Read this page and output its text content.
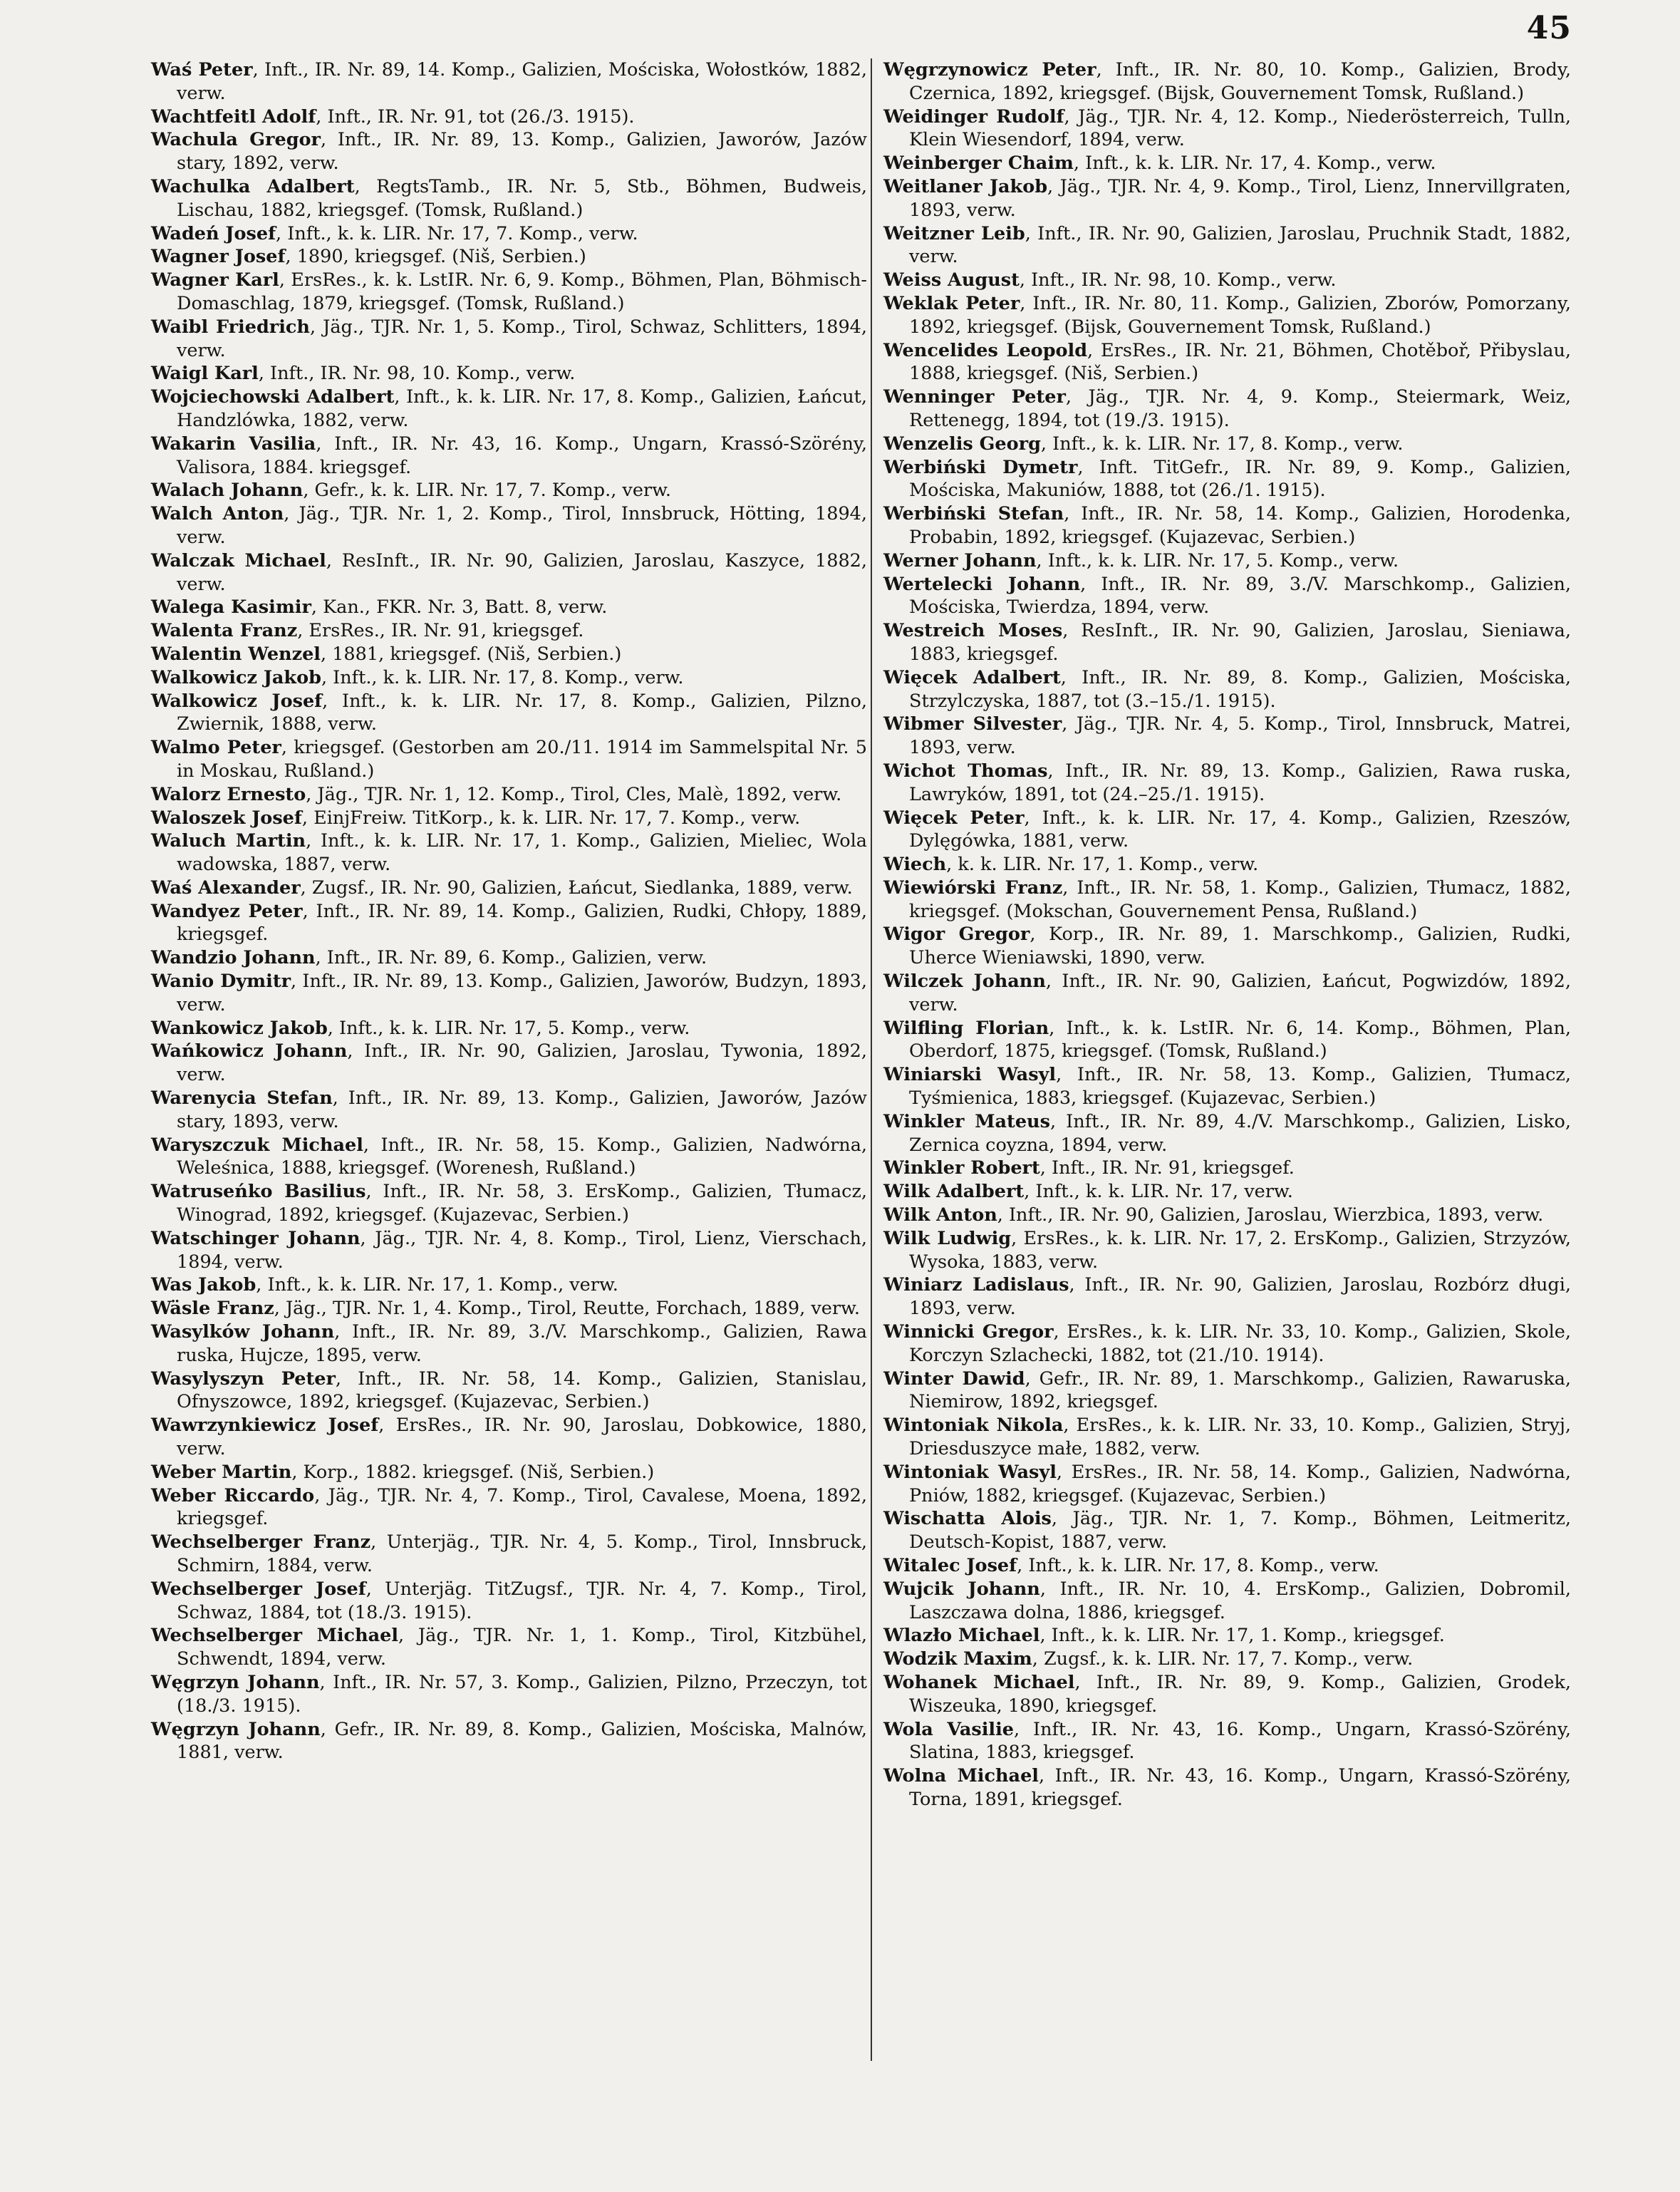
45

Waś Peter, Inft., IR. Nr. 89, 14. Komp., Galizien, Mościska, Wołostków, 1882, verw.

Wachtfeitl Adolf, Inft., IR. Nr. 91, tot (26./3. 1915).

Wachula Gregor, Inft., IR. Nr. 89, 13. Komp., Galizien, Jaworów, Jazów stary, 1892, verw.

Wachulka Adalbert, RegtsTamb., IR. Nr. 5, Stb., Böhmen, Budweis, Lischau, 1882, kriegsgef. (Tomsk, Rußland.)

Wadeń Josef, Inft., k. k. LIR. Nr. 17, 7. Komp., verw.

Wagner Josef, 1890, kriegsgef. (Niš, Serbien.)

Wagner Karl, ErsRes., k. k. LstIR. Nr. 6, 9. Komp., Böhmen, Plan, Böhmisch-Domaschlag, 1879, kriegsgef. (Tomsk, Rußland.)

Waibl Friedrich, Jäg., TJR. Nr. 1, 5. Komp., Tirol, Schwaz, Schlitters, 1894, verw.

Waigl Karl, Inft., IR. Nr. 98, 10. Komp., verw.

Wojciechowski Adalbert, Inft., k. k. LIR. Nr. 17, 8. Komp., Galizien, Łańcut, Handzlówka, 1882, verw.

Wakarin Vasilia, Inft., IR. Nr. 43, 16. Komp., Ungarn, Krassó-Szörény, Valisora, 1884. kriegsgef.

Walach Johann, Gefr., k. k. LIR. Nr. 17, 7. Komp., verw.

Walch Anton, Jäg., TJR. Nr. 1, 2. Komp., Tirol, Innsbruck, Hötting, 1894, verw.

Walczak Michael, ResInft., IR. Nr. 90, Galizien, Jaroslau, Kaszyce, 1882, verw.

Walega Kasimir, Kan., FKR. Nr. 3, Batt. 8, verw.

Walenta Franz, ErsRes., IR. Nr. 91, kriegsgef.

Walentin Wenzel, 1881, kriegsgef. (Niš, Serbien.)

Walkowicz Jakob, Inft., k. k. LIR. Nr. 17, 8. Komp., verw.

Walkowicz Josef, Inft., k. k. LIR. Nr. 17, 8. Komp., Galizien, Pilzno, Zwiernik, 1888, verw.

Walmo Peter, kriegsgef. (Gestorben am 20./11. 1914 im Sammelspital Nr. 5 in Moskau, Rußland.)

Walorz Ernesto, Jäg., TJR. Nr. 1, 12. Komp., Tirol, Cles, Malè, 1892, verw.

Waloszek Josef, EinjFreiw. TitKorp., k. k. LIR. Nr. 17, 7. Komp., verw.

Waluch Martin, Inft., k. k. LIR. Nr. 17, 1. Komp., Galizien, Mieliec, Wola wadowska, 1887, verw.

Waś Alexander, Zugsf., IR. Nr. 90, Galizien, Łańcut, Siedlanka, 1889, verw.

Wandyez Peter, Inft., IR. Nr. 89, 14. Komp., Galizien, Rudki, Chłopy, 1889, kriegsgef.

Wandzio Johann, Inft., IR. Nr. 89, 6. Komp., Galizien, verw.

Wanio Dymitr, Inft., IR. Nr. 89, 13. Komp., Galizien, Jaworów, Budzyn, 1893, verw.

Wankowicz Jakob, Inft., k. k. LIR. Nr. 17, 5. Komp., verw.

Wańkowicz Johann, Inft., IR. Nr. 90, Galizien, Jaroslau, Tywonia, 1892, verw.

Warenycia Stefan, Inft., IR. Nr. 89, 13. Komp., Galizien, Jaworów, Jazów stary, 1893, verw.

Waryszczuk Michael, Inft., IR. Nr. 58, 15. Komp., Galizien, Nadwórna, Weleśnica, 1888, kriegsgef. (Worenesh, Rußland.)

Watruseńko Basilius, Inft., IR. Nr. 58, 3. ErsKomp., Galizien, Tłumacz, Winograd, 1892, kriegsgef. (Kujazevac, Serbien.)

Watschinger Johann, Jäg., TJR. Nr. 4, 8. Komp., Tirol, Lienz, Vierschach, 1894, verw.

Was Jakob, Inft., k. k. LIR. Nr. 17, 1. Komp., verw.

Wäsle Franz, Jäg., TJR. Nr. 1, 4. Komp., Tirol, Reutte, Forchach, 1889, verw.

Wasylków Johann, Inft., IR. Nr. 89, 3./V. Marschkomp., Galizien, Rawa ruska, Hujcze, 1895, verw.

Wasylyszyn Peter, Inft., IR. Nr. 58, 14. Komp., Galizien, Stanislau, Ofnyszowce, 1892, kriegsgef. (Kujazevac, Serbien.)

Wawrzynkiewicz Josef, ErsRes., IR. Nr. 90, Jaroslau, Dobkowice, 1880, verw.

Weber Martin, Korp., 1882. kriegsgef. (Niš, Serbien.)

Weber Riccardo, Jäg., TJR. Nr. 4, 7. Komp., Tirol, Cavalese, Moena, 1892, kriegsgef.

Wechselberger Franz, Unterjäg., TJR. Nr. 4, 5. Komp., Tirol, Innsbruck, Schmirn, 1884, verw.

Wechselberger Josef, Unterjäg. TitZugsf., TJR. Nr. 4, 7. Komp., Tirol, Schwaz, 1884, tot (18./3. 1915).

Wechselberger Michael, Jäg., TJR. Nr. 1, 1. Komp., Tirol, Kitzbühel, Schwendt, 1894, verw.

Węgrzyn Johann, Inft., IR. Nr. 57, 3. Komp., Galizien, Pilzno, Przeczyn, tot (18./3. 1915).

Węgrzyn Johann, Gefr., IR. Nr. 89, 8. Komp., Galizien, Mościska, Malnów, 1881, verw.

Węgrzynowicz Peter, Inft., IR. Nr. 80, 10. Komp., Galizien, Brody, Czernica, 1892, kriegsgef. (Bijsk, Gouvernement Tomsk, Rußland.)

Weidinger Rudolf, Jäg., TJR. Nr. 4, 12. Komp., Niederösterreich, Tulln, Klein Wiesendorf, 1894, verw.

Weinberger Chaim, Inft., k. k. LIR. Nr. 17, 4. Komp., verw.

Weitlaner Jakob, Jäg., TJR. Nr. 4, 9. Komp., Tirol, Lienz, Innervillgraten, 1893, verw.

Weitzner Leib, Inft., IR. Nr. 90, Galizien, Jaroslau, Pruchnik Stadt, 1882, verw.

Weiss August, Inft., IR. Nr. 98, 10. Komp., verw.

Weklak Peter, Inft., IR. Nr. 80, 11. Komp., Galizien, Zborów, Pomorzany, 1892, kriegsgef. (Bijsk, Gouvernement Tomsk, Rußland.)

Wencelides Leopold, ErsRes., IR. Nr. 21, Böhmen, Chotěboř, Přibyslau, 1888, kriegsgef. (Niš, Serbien.)

Wenninger Peter, Jäg., TJR. Nr. 4, 9. Komp., Steiermark, Weiz, Rettenegg, 1894, tot (19./3. 1915).

Wenzelis Georg, Inft., k. k. LIR. Nr. 17, 8. Komp., verw.

Werbiński Dymetr, Inft. TitGefr., IR. Nr. 89, 9. Komp., Galizien, Mościska, Makuniów, 1888, tot (26./1. 1915).

Werbiński Stefan, Inft., IR. Nr. 58, 14. Komp., Galizien, Horodenka, Probabin, 1892, kriegsgef. (Kujazevac, Serbien.)

Werner Johann, Inft., k. k. LIR. Nr. 17, 5. Komp., verw.

Wertelecki Johann, Inft., IR. Nr. 89, 3./V. Marschkomp., Galizien, Mościska, Twierdza, 1894, verw.

Westreich Moses, ResInft., IR. Nr. 90, Galizien, Jaroslau, Sieniawa, 1883, kriegsgef.

Więcek Adalbert, Inft., IR. Nr. 89, 8. Komp., Galizien, Mościska, Strzylczyska, 1887, tot (3.–15./1. 1915).

Wibmer Silvester, Jäg., TJR. Nr. 4, 5. Komp., Tirol, Innsbruck, Matrei, 1893, verw.

Wichot Thomas, Inft., IR. Nr. 89, 13. Komp., Galizien, Rawa ruska, Lawryków, 1891, tot (24.–25./1. 1915).

Więcek Peter, Inft., k. k. LIR. Nr. 17, 4. Komp., Galizien, Rzeszów, Dylęgówka, 1881, verw.

Wiech, k. k. LIR. Nr. 17, 1. Komp., verw.

Wiewiórski Franz, Inft., IR. Nr. 58, 1. Komp., Galizien, Tłumacz, 1882, kriegsgef. (Mokschan, Gouvernement Pensa, Rußland.)

Wigor Gregor, Korp., IR. Nr. 89, 1. Marschkomp., Galizien, Rudki, Uherce Wieniawski, 1890, verw.

Wilczek Johann, Inft., IR. Nr. 90, Galizien, Łańcut, Pogwizdów, 1892, verw.

Wilfling Florian, Inft., k. k. LstIR. Nr. 6, 14. Komp., Böhmen, Plan, Oberdorf, 1875, kriegsgef. (Tomsk, Rußland.)

Winiarski Wasyl, Inft., IR. Nr. 58, 13. Komp., Galizien, Tłumacz, Tyśmienica, 1883, kriegsgef. (Kujazevac, Serbien.)

Winkler Mateus, Inft., IR. Nr. 89, 4./V. Marschkomp., Galizien, Lisko, Zernica coyzna, 1894, verw.

Winkler Robert, Inft., IR. Nr. 91, kriegsgef.

Wilk Adalbert, Inft., k. k. LIR. Nr. 17, verw.

Wilk Anton, Inft., IR. Nr. 90, Galizien, Jaroslau, Wierzbica, 1893, verw.

Wilk Ludwig, ErsRes., k. k. LIR. Nr. 17, 2. ErsKomp., Galizien, Strzyzów, Wysoka, 1883, verw.

Winiarz Ladislaus, Inft., IR. Nr. 90, Galizien, Jaroslau, Rozbórz długi, 1893, verw.

Winnicki Gregor, ErsRes., k. k. LIR. Nr. 33, 10. Komp., Galizien, Skole, Korczyn Szlachecki, 1882, tot (21./10. 1914).

Winter Dawid, Gefr., IR. Nr. 89, 1. Marschkomp., Galizien, Rawaruska, Niemirow, 1892, kriegsgef.

Wintoniak Nikola, ErsRes., k. k. LIR. Nr. 33, 10. Komp., Galizien, Stryj, Driesduszyce małe, 1882, verw.

Wintoniak Wasyl, ErsRes., IR. Nr. 58, 14. Komp., Galizien, Nadwórna, Pniów, 1882, kriegsgef. (Kujazevac, Serbien.)

Wischatta Alois, Jäg., TJR. Nr. 1, 7. Komp., Böhmen, Leitmeritz, Deutsch-Kopist, 1887, verw.

Witalec Josef, Inft., k. k. LIR. Nr. 17, 8. Komp., verw.

Wujcik Johann, Inft., IR. Nr. 10, 4. ErsKomp., Galizien, Dobromil, Laszczawa dolna, 1886, kriegsgef.

Wlazło Michael, Inft., k. k. LIR. Nr. 17, 1. Komp., kriegsgef.

Wodzik Maxim, Zugsf., k. k. LIR. Nr. 17, 7. Komp., verw.

Wohanek Michael, Inft., IR. Nr. 89, 9. Komp., Galizien, Grodek, Wiszeuka, 1890, kriegsgef.

Wola Vasilie, Inft., IR. Nr. 43, 16. Komp., Ungarn, Krassó-Szörény, Slatina, 1883, kriegsgef.

Wolna Michael, Inft., IR. Nr. 43, 16. Komp., Ungarn, Krassó-Szörény, Torna, 1891, kriegsgef.
